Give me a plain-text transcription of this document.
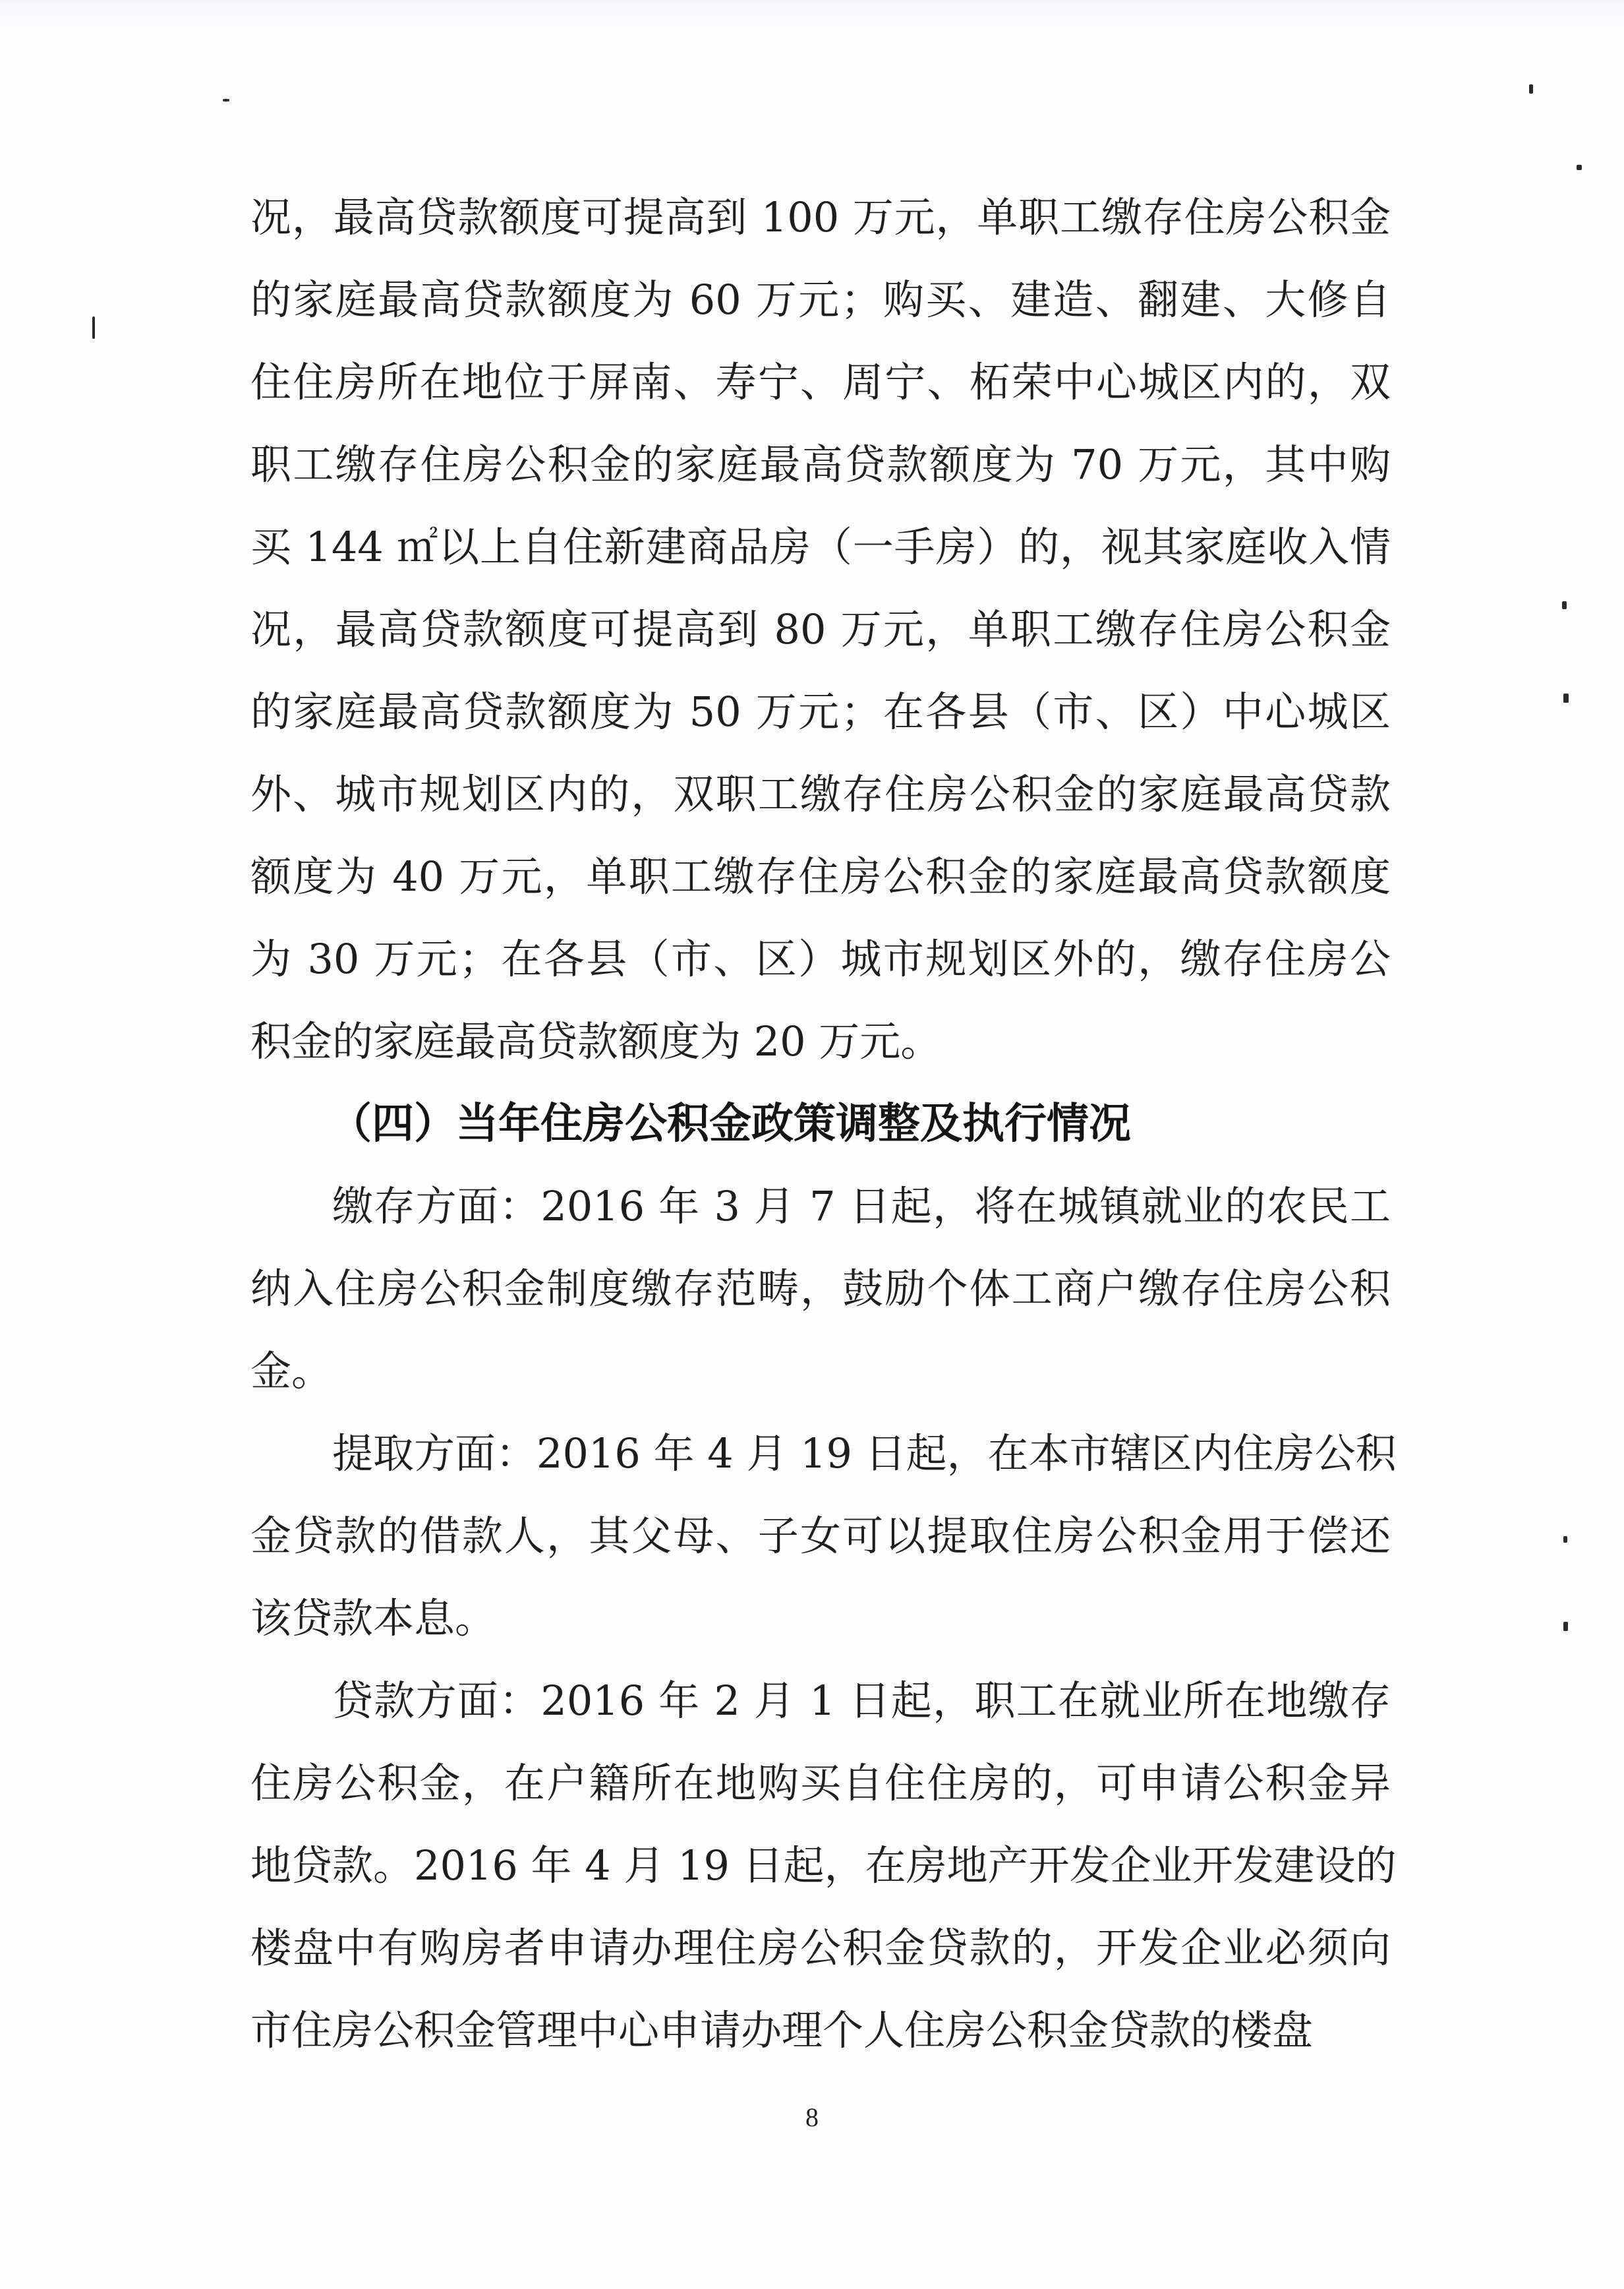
况，最高贷款额度可提高到 100 万元，单职工缴存住房公积金
的家庭最高贷款额度为 60 万元；购买、建造、翻建、大修自
住住房所在地位于屏南、寿宁、周宁、柘荣中心城区内的，双
职工缴存住房公积金的家庭最高贷款额度为 70 万元，其中购
买 144 ㎡以上自住新建商品房（一手房）的，视其家庭收入情
况，最高贷款额度可提高到 80 万元，单职工缴存住房公积金
的家庭最高贷款额度为 50 万元；在各县（市、区）中心城区
外、城市规划区内的，双职工缴存住房公积金的家庭最高贷款
额度为 40 万元，单职工缴存住房公积金的家庭最高贷款额度
为 30 万元；在各县（市、区）城市规划区外的，缴存住房公
积金的家庭最高贷款额度为 20 万元。
（四）当年住房公积金政策调整及执行情况
缴存方面：2016 年 3 月 7 日起，将在城镇就业的农民工
纳入住房公积金制度缴存范畴，鼓励个体工商户缴存住房公积
金。
提取方面：2016 年 4 月 19 日起，在本市辖区内住房公积
金贷款的借款人，其父母、子女可以提取住房公积金用于偿还
该贷款本息。
贷款方面：2016 年 2 月 1 日起，职工在就业所在地缴存
住房公积金，在户籍所在地购买自住住房的，可申请公积金异
地贷款。2016 年 4 月 19 日起，在房地产开发企业开发建设的
楼盘中有购房者申请办理住房公积金贷款的，开发企业必须向
市住房公积金管理中心申请办理个人住房公积金贷款的楼盘
8
